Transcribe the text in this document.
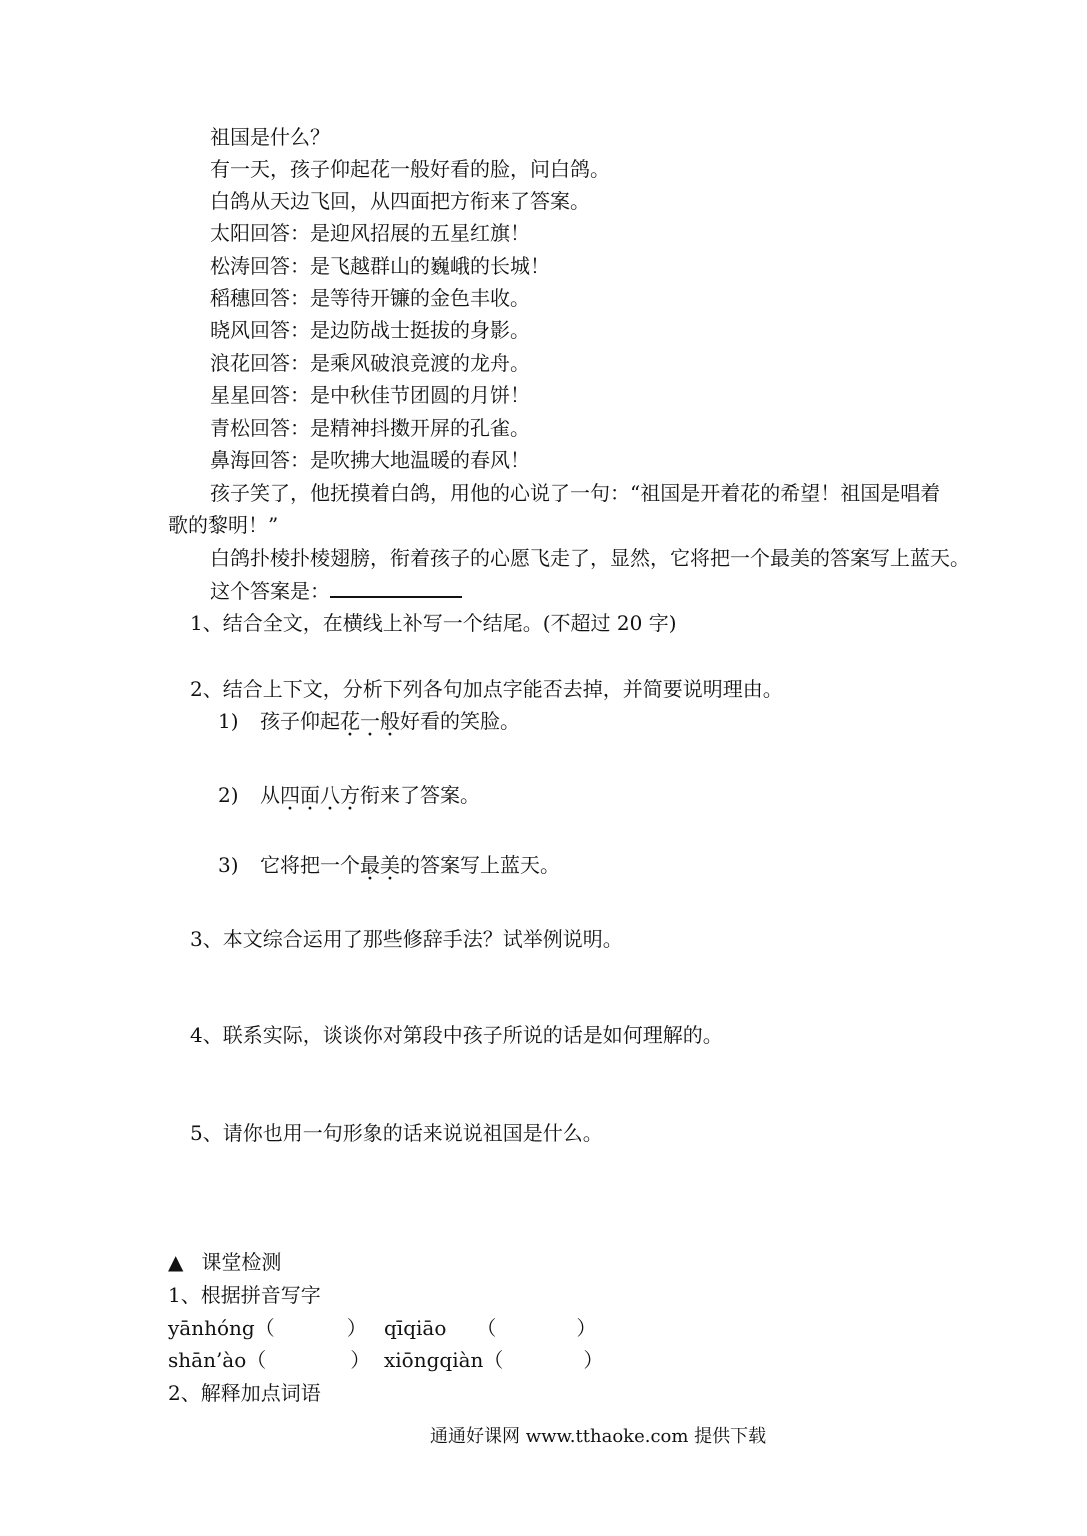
祖国是什么？
有一天，孩子仰起花一般好看的脸，问白鸽。
白鸽从天边飞回，从四面把方衔来了答案。
太阳回答：是迎风招展的五星红旗！
松涛回答：是飞越群山的巍峨的长城！
稻穗回答：是等待开镰的金色丰收。
晓风回答：是边防战士挺拔的身影。
浪花回答：是乘风破浪竞渡的龙舟。
星星回答：是中秋佳节团圆的月饼！
青松回答：是精神抖擞开屏的孔雀。
鼻海回答：是吹拂大地温暖的春风！
孩子笑了，他抚摸着白鸽，用他的心说了一句：“祖国是开着花的希望！祖国是唱着
歌的黎明！”
白鸽扑棱扑棱翅膀，衔着孩子的心愿飞走了，显然，它将把一个最美的答案写上蓝天。
这个答案是：
1、结合全文，在横线上补写一个结尾。(不超过 20 字)
2、结合上下文，分析下列各句加点字能否去掉，并简要说明理由。
1) 孩子仰起花一般好看的笑脸。
2) 从四面八方衔来了答案。
3) 它将把一个最美的答案写上蓝天。
3、本文综合运用了那些修辞手法？试举例说明。
4、联系实际，谈谈你对第段中孩子所说的话是如何理解的。
5、请你也用一句形象的话来说说祖国是什么。
▲ 课堂检测
1、根据拼音写字
yānhóng（	） qīqiāo （	）
shān’ào（	） xiōngqiàn（	）
2、解释加点词语
通通好课网 www.tthaoke.com 提供下载
